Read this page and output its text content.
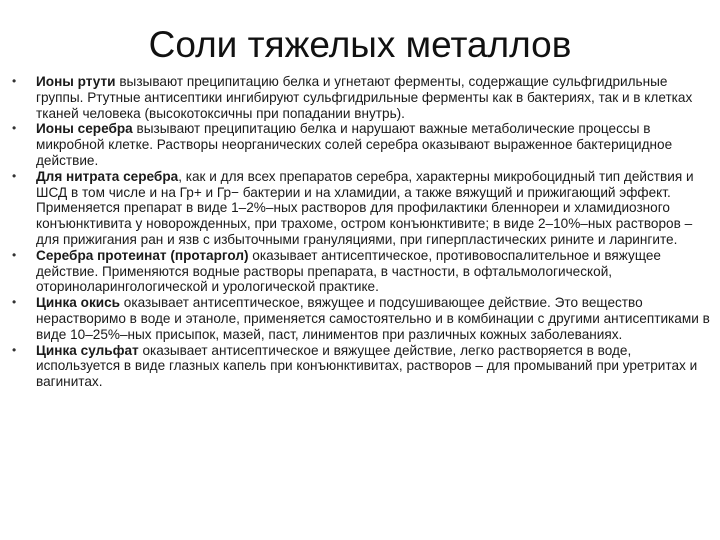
Соли тяжелых металлов
•	Ионы ртути вызывают преципитацию белка и угнетают ферменты, содержащие сульфгидрильные группы. Ртутные антисептики ингибируют сульфгидрильные ферменты как в бактериях, так и в клетках тканей человека (высокотоксичны при попадании внутрь).
•	Ионы серебра вызывают преципитацию белка и нарушают важные метаболические процессы в микробной клетке. Растворы неорганических солей серебра оказывают выраженное бактерицидное действие.
•	Для нитрата серебра, как и для всех препаратов серебра, характерны микробоцидный тип действия и ШСД в том числе и на Гр+ и Гр− бактерии и на хламидии, а также вяжущий и прижигающий эффект. Применяется препарат в виде 1–2%–ных растворов для профилактики бленнореи и хламидиозного конъюнктивита у новорожденных, при трахоме, остром конъюнктивите; в виде 2–10%–ных растворов – для прижигания ран и язв с избыточными грануляциями, при гиперпластических рините и ларингите.
•	Серебра протеинат (протаргол) оказывает антисептическое, противовоспалительное и вяжущее действие. Применяются водные растворы препарата, в частности, в офтальмологической, оториноларингологической и урологической практике.
•	Цинка окись оказывает антисептическое, вяжущее и подсушивающее действие. Это вещество нерастворимо в воде и этаноле, применяется самостоятельно и в комбинации с другими антисептиками в виде 10–25%–ных присыпок, мазей, паст, линиментов при различных кожных заболеваниях.
•	Цинка сульфат оказывает антисептическое и вяжущее действие, легко растворяется в воде, используется в виде глазных капель при конъюнктивитах, растворов – для промываний при уретритах и вагинитах.
